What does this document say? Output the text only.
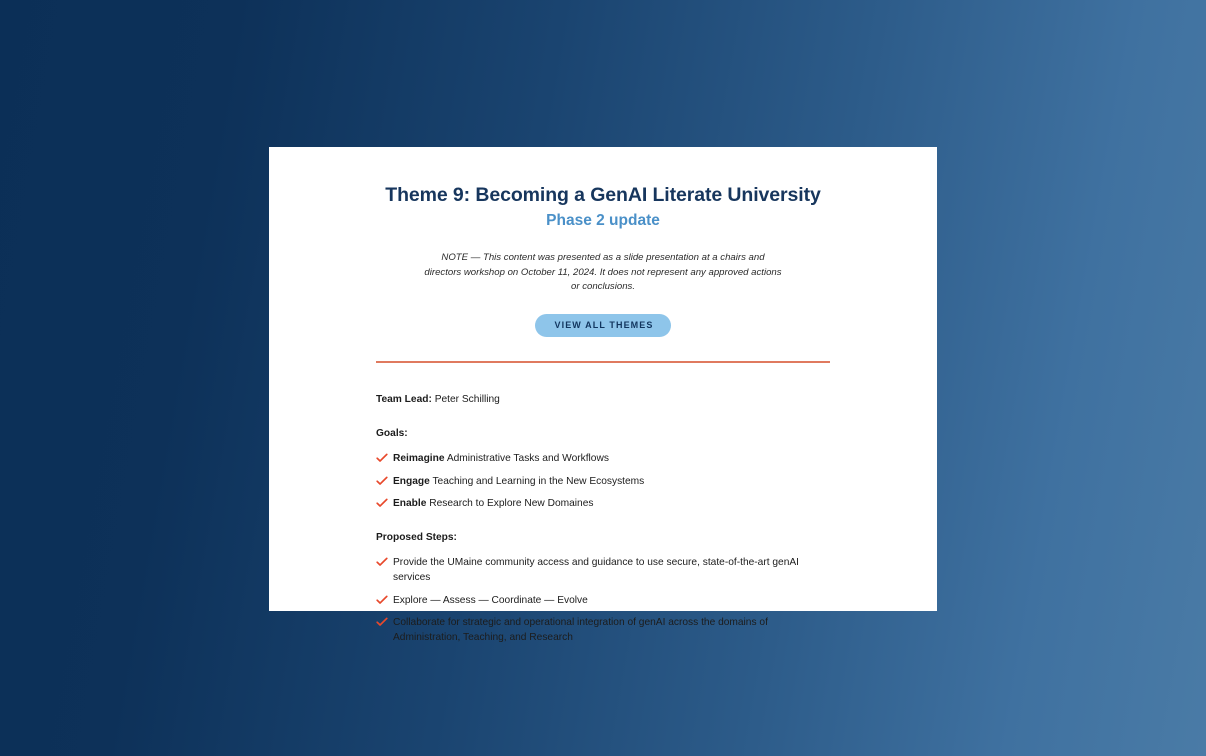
Theme 9: Becoming a GenAI Literate University
Phase 2 update

NOTE — This content was presented as a slide presentation at a chairs and directors workshop on October 11, 2024. It does not represent any approved actions or conclusions.

VIEW ALL THEMES

Team Lead: Peter Schilling

Goals:

Reimagine Administrative Tasks and Workflows
Engage Teaching and Learning in the New Ecosystems
Enable Research to Explore New Domaines

Proposed Steps:

Provide the UMaine community access and guidance to use secure, state-of-the-art genAI services
Explore — Assess — Coordinate — Evolve
Collaborate for strategic and operational integration of genAI across the domains of Administration, Teaching, and Research
